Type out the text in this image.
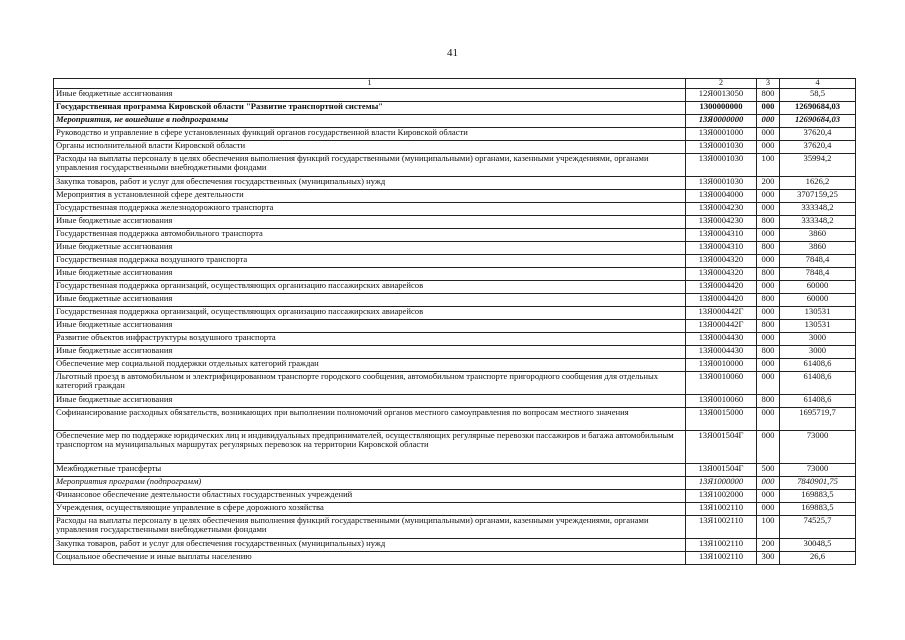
41
1	2	3	4
Иные бюджетные ассигнования	12Я0013050	800	58,5
Государственная программа Кировской области "Развитие транспортной системы"	1300000000	000	12690684,03
Мероприятия, не вошедшие в подпрограммы	13Я0000000	000	12690684,03
Руководство и управление в сфере установленных функций органов государственной власти Кировской области	13Я0001000	000	37620,4
Органы исполнительной власти Кировской области	13Я0001030	000	37620,4
Расходы на выплаты персоналу в целях обеспечения выполнения функций государственными (муниципальными) органами, казенными учреждениями, органами управления государственными внебюджетными фондами	13Я0001030	100	35994,2
Закупка товаров, работ и услуг для обеспечения государственных (муниципальных) нужд	13Я0001030	200	1626,2
Мероприятия в установленной сфере деятельности	13Я0004000	000	3707159,25
Государственная поддержка железнодорожного транспорта	13Я0004230	000	333348,2
Иные бюджетные ассигнования	13Я0004230	800	333348,2
Государственная поддержка автомобильного транспорта	13Я0004310	000	3860
Иные бюджетные ассигнования	13Я0004310	800	3860
Государственная поддержка воздушного транспорта	13Я0004320	000	7848,4
Иные бюджетные ассигнования	13Я0004320	800	7848,4
Государственная поддержка организаций, осуществляющих организацию пассажирских авиарейсов	13Я0004420	000	60000
Иные бюджетные ассигнования	13Я0004420	800	60000
Государственная поддержка организаций, осуществляющих организацию пассажирских авиарейсов	13Я000442Г	000	130531
Иные бюджетные ассигнования	13Я000442Г	800	130531
Развитие объектов инфраструктуры воздушного транспорта	13Я0004430	000	3000
Иные бюджетные ассигнования	13Я0004430	800	3000
Обеспечение мер социальной поддержки отдельных категорий граждан	13Я0010000	000	61408,6
Льготный проезд в автомобильном и электрифицированном транспорте городского сообщения, автомобильном транспорте пригородного сообщения для отдельных категорий граждан	13Я0010060	000	61408,6
Иные бюджетные ассигнования	13Я0010060	800	61408,6
Софинансирование расходных обязательств, возникающих при выполнении полномочий органов местного самоуправления по вопросам местного значения	13Я0015000	000	1695719,7
Обеспечение мер по поддержке юридических лиц и индивидуальных предпринимателей, осуществляющих регулярные перевозки пассажиров и багажа автомобильным транспортом на муниципальных маршрутах регулярных перевозок на территории Кировской области	13Я001504Г	000	73000
Межбюджетные трансферты	13Я001504Г	500	73000
Мероприятия программ (подпрограмм)	13Я1000000	000	7840901,75
Финансовое обеспечение деятельности областных государственных учреждений	13Я1002000	000	169883,5
Учреждения, осуществляющие управление в сфере дорожного хозяйства	13Я1002110	000	169883,5
Расходы на выплаты персоналу в целях обеспечения выполнения функций государственными (муниципальными) органами, казенными учреждениями, органами управления государственными внебюджетными фондами	13Я1002110	100	74525,7
Закупка товаров, работ и услуг для обеспечения государственных (муниципальных) нужд	13Я1002110	200	30048,5
Социальное обеспечение и иные выплаты населению	13Я1002110	300	26,6
